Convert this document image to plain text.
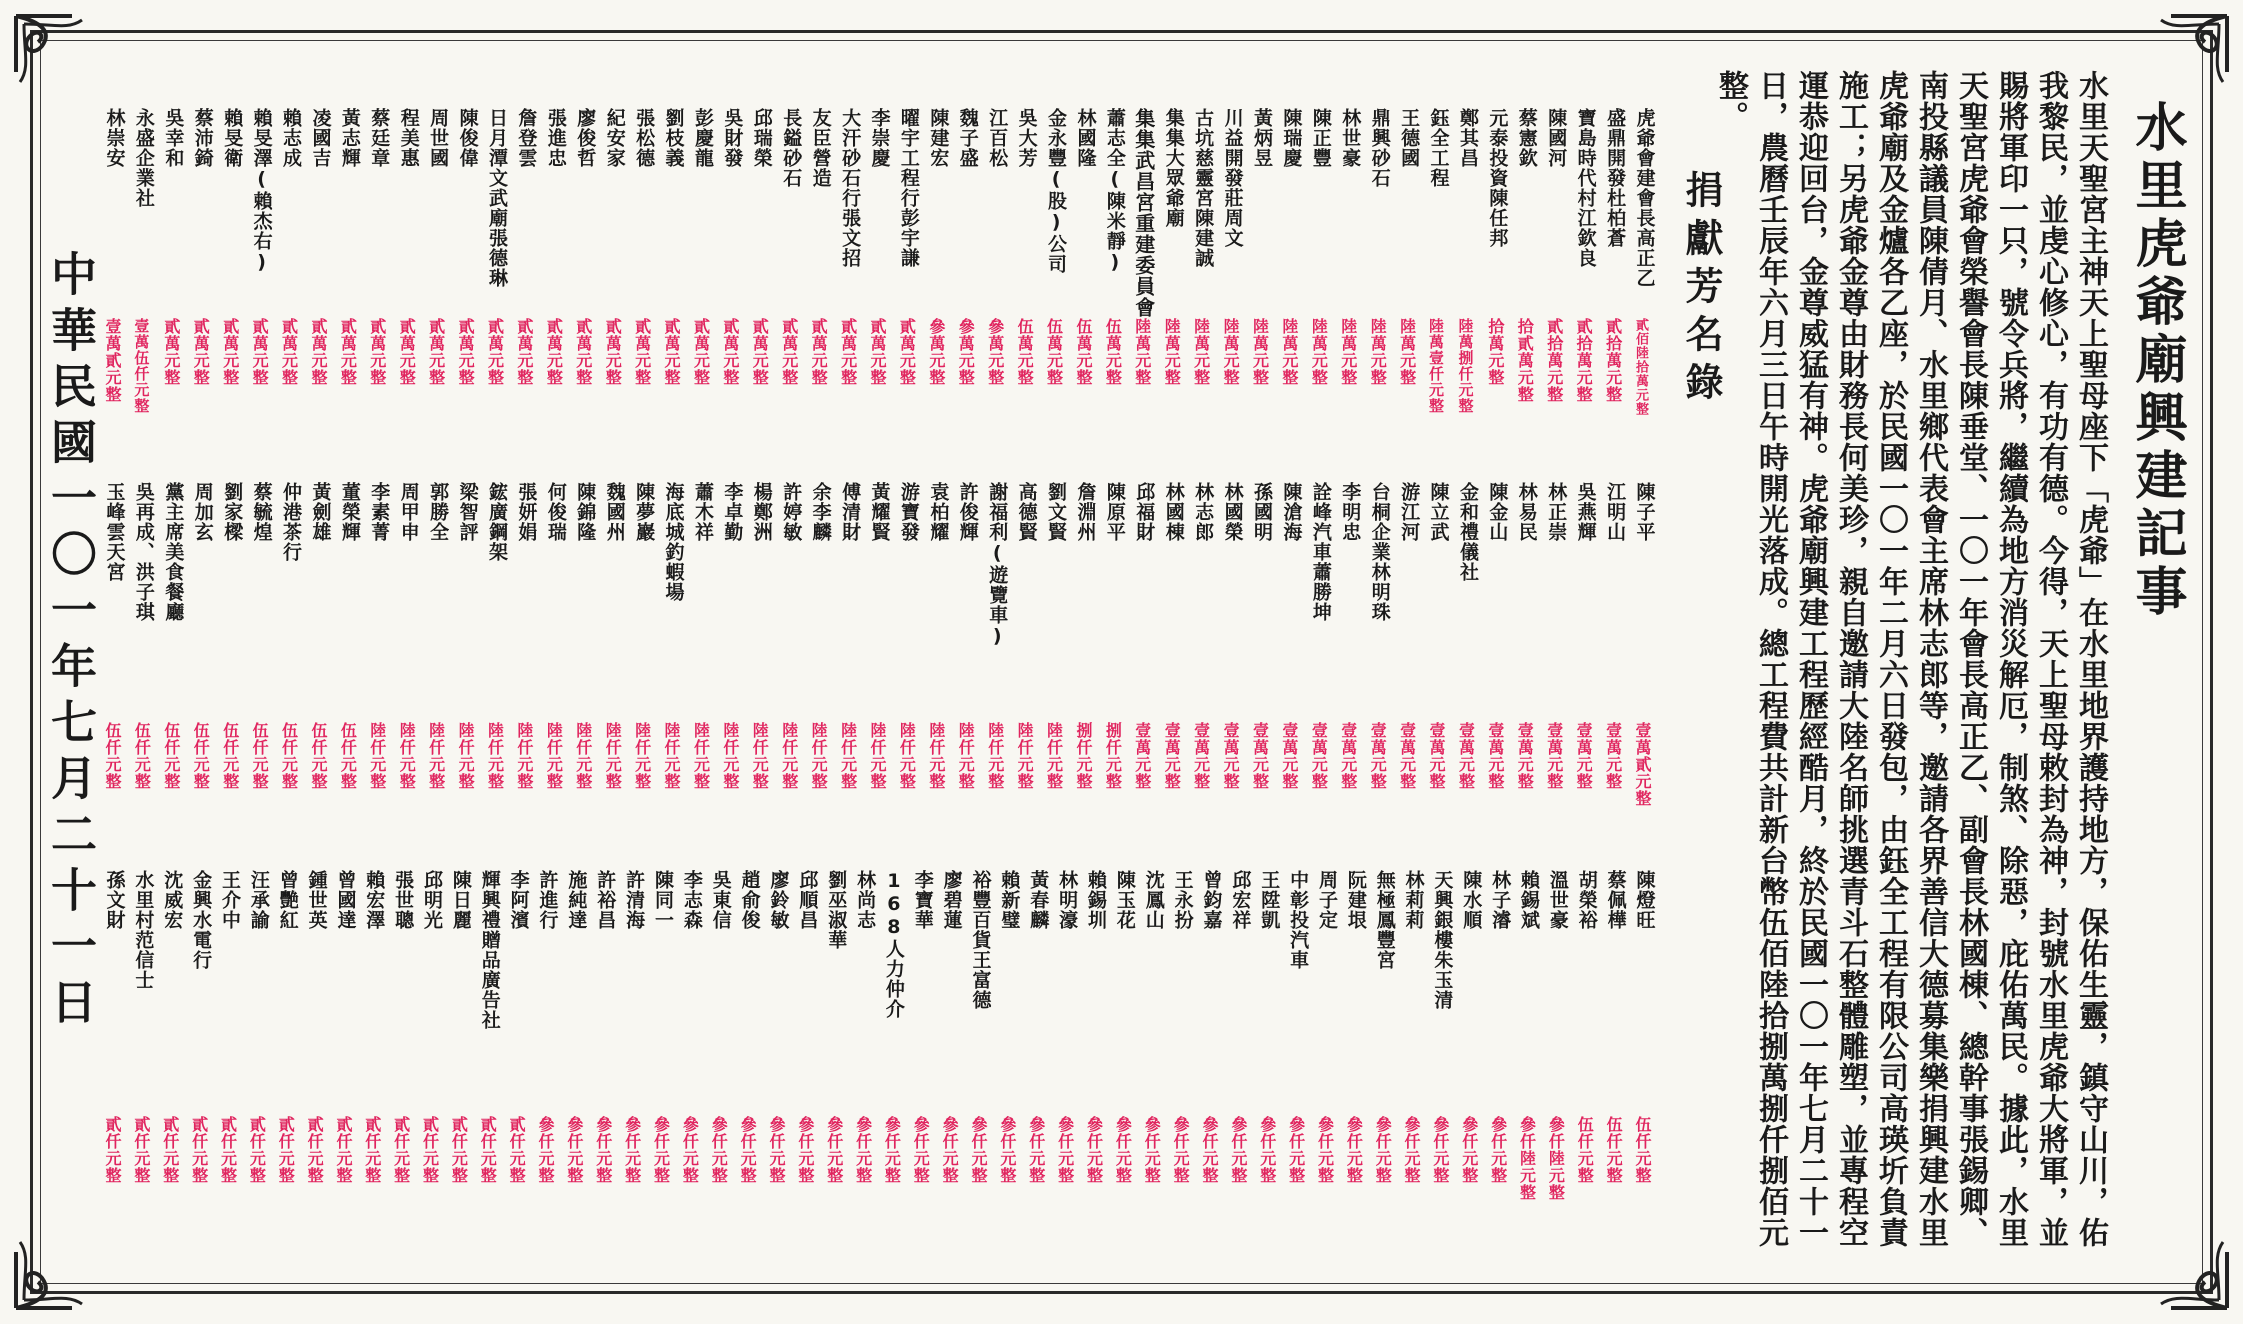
水里虎爺廟興建記事
水里天聖宮主神天上聖母座下「虎爺」在水里地界護持地方，保佑生靈，鎮守山川，佑我黎民，並虔心修心，有功有德。今得，天上聖母敕封為神，封號水里虎爺大將軍，並賜將軍印一只，號令兵將，繼續為地方消災解厄，制煞、除惡，庇佑萬民。據此，水里天聖宮虎爺會榮譽會長陳垂堂、一〇一年會長高正乙、副會長林國棟、總幹事張錫卿、南投縣議員陳倩月、水里鄉代表會主席林志郎等，邀請各界善信大德募集樂捐興建水里虎爺廟及金爐各乙座，於民國一〇一年二月六日發包，由鈺全工程有限公司高瑛圻負責施工；另虎爺金尊由財務長何美珍，親自邀請大陸名師挑選青斗石整體雕塑，並專程空運恭迎回台，金尊威猛有神。虎爺廟興建工程歷經酷月，終於民國一〇一年七月二十一日，農曆壬辰年六月三日午時開光落成。總工程費共計新台幣伍佰陸拾捌萬捌仟捌佰元整。
捐獻芳名錄
虎爺會建會長高正乙
貳佰陸拾萬元整
盛鼎開發杜柏蒼
貳拾萬元整
寶島時代村江欽良
貳拾萬元整
陳國河
貳拾萬元整
蔡憲欽
拾貳萬元整
元泰投資陳任邦
拾萬元整
鄭其昌
陸萬捌仟元整
鈺全工程
陸萬壹仟元整
王德國
陸萬元整
鼎興砂石
陸萬元整
林世豪
陸萬元整
陳正豐
陸萬元整
陳瑞慶
陸萬元整
黃炳昱
陸萬元整
川益開發莊周文
陸萬元整
古坑慈靈宮陳建誠
陸萬元整
集集大眾爺廟
陸萬元整
集集武昌宮重建委員會
陸萬元整
蕭志全(陳米靜)
伍萬元整
林國隆
伍萬元整
金永豐(股)公司
伍萬元整
吳大芳
伍萬元整
江百松
參萬元整
魏子盛
參萬元整
陳建宏
參萬元整
曜宇工程行彭宇謙
貳萬元整
李崇慶
貳萬元整
大汗砂石行張文招
貳萬元整
友臣營造
貳萬元整
長鎰砂石
貳萬元整
邱瑞榮
貳萬元整
吳財發
貳萬元整
彭慶龍
貳萬元整
劉枝義
貳萬元整
張松德
貳萬元整
紀安家
貳萬元整
廖俊哲
貳萬元整
張進忠
貳萬元整
詹登雲
貳萬元整
日月潭文武廟張德琳
貳萬元整
陳俊偉
貳萬元整
周世國
貳萬元整
程美惠
貳萬元整
蔡廷章
貳萬元整
黃志輝
貳萬元整
凌國吉
貳萬元整
賴志成
貳萬元整
賴旻澤(賴杰右)
貳萬元整
賴旻衛
貳萬元整
蔡沛錡
貳萬元整
吳幸和
貳萬元整
永盛企業社
壹萬伍仟元整
林崇安
壹萬貳元整
陳子平
壹萬貳元整
江明山
壹萬元整
吳燕輝
壹萬元整
林正崇
壹萬元整
林易民
壹萬元整
陳金山
壹萬元整
金和禮儀社
壹萬元整
陳立武
壹萬元整
游江河
壹萬元整
台桐企業林明珠
壹萬元整
李明忠
壹萬元整
詮峰汽車蕭勝坤
壹萬元整
陳滄海
壹萬元整
孫國明
壹萬元整
林國榮
壹萬元整
林志郎
壹萬元整
林國棟
壹萬元整
邱福財
壹萬元整
陳原平
捌仟元整
詹淵州
捌仟元整
劉文賢
陸仟元整
高德賢
陸仟元整
謝福利(遊覽車)
陸仟元整
許俊輝
陸仟元整
袁柏耀
陸仟元整
游寶發
陸仟元整
黃耀賢
陸仟元整
傅清財
陸仟元整
余李麟
陸仟元整
許婷敏
陸仟元整
楊鄭洲
陸仟元整
李卓勤
陸仟元整
蕭木祥
陸仟元整
海底城釣蝦場
陸仟元整
陳夢巖
陸仟元整
魏國州
陸仟元整
陳錦隆
陸仟元整
何俊瑞
陸仟元整
張妍娟
陸仟元整
鋐廣鋼架
陸仟元整
梁智評
陸仟元整
郭勝全
陸仟元整
周甲申
陸仟元整
李素菁
陸仟元整
董榮輝
伍仟元整
黃劍雄
伍仟元整
仲港茶行
伍仟元整
蔡毓煌
伍仟元整
劉家樑
伍仟元整
周加玄
伍仟元整
黨主席美食餐廳
伍仟元整
吳再成、洪子琪
伍仟元整
玉峰雲天宮
伍仟元整
陳燈旺
伍仟元整
蔡佩樺
伍仟元整
胡榮裕
伍仟元整
溫世豪
參仟陸元整
賴錫斌
參仟陸元整
林子濬
參仟元整
陳水順
參仟元整
天興銀樓朱玉清
參仟元整
林莉莉
參仟元整
無極鳳豐宮
參仟元整
阮建垠
參仟元整
周子定
參仟元整
中彰投汽車
參仟元整
王陞凱
參仟元整
邱宏祥
參仟元整
曾鈞嘉
參仟元整
王永扮
參仟元整
沈鳳山
參仟元整
陳玉花
參仟元整
賴錫圳
參仟元整
林明濠
參仟元整
黃春麟
參仟元整
賴新璧
參仟元整
裕豐百貨王富德
參仟元整
廖碧蓮
參仟元整
李寶華
參仟元整
168人力仲介
參仟元整
林尚志
參仟元整
劉巫淑華
參仟元整
邱順昌
參仟元整
廖鈴敏
參仟元整
趙俞俊
參仟元整
吳東信
參仟元整
李志森
參仟元整
陳同一
參仟元整
許清海
參仟元整
許裕昌
參仟元整
施純達
參仟元整
許進行
參仟元整
李阿濱
貳仟元整
輝興禮贈品廣告社
貳仟元整
陳日麗
貳仟元整
邱明光
貳仟元整
張世聰
貳仟元整
賴宏澤
貳仟元整
曾國達
貳仟元整
鍾世英
貳仟元整
曾艷紅
貳仟元整
汪承諭
貳仟元整
王介中
貳仟元整
金興水電行
貳仟元整
沈威宏
貳仟元整
水里村范信士
貳仟元整
孫文財
貳仟元整
中華民國一〇一年七月二十一日
